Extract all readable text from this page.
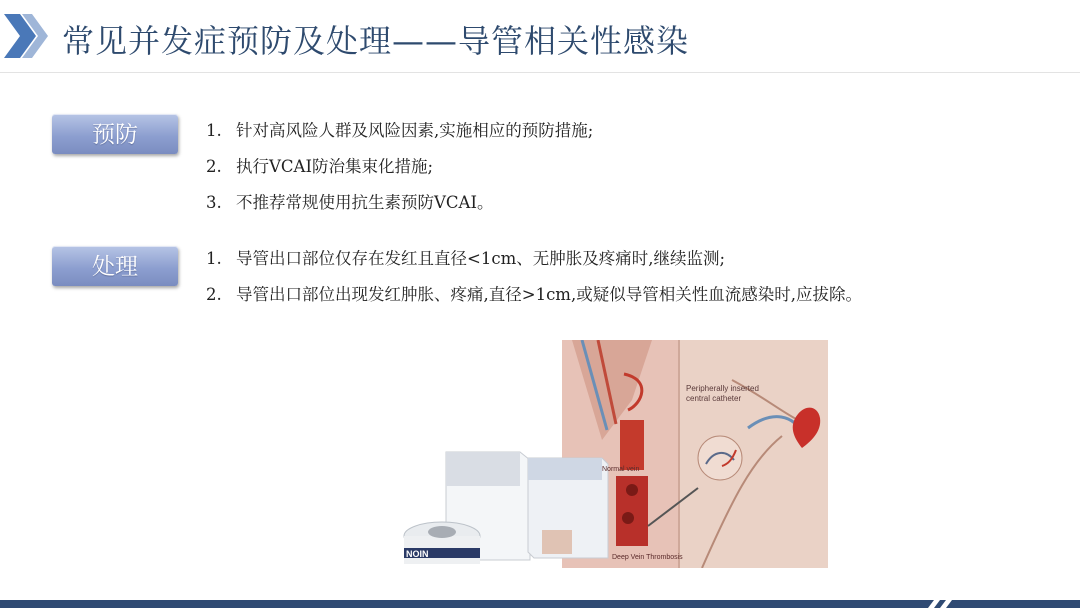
常见并发症预防及处理——导管相关性感染
预防	1. 针对高风险人群及风险因素,实施相应的预防措施;
2. 执行VCAI防治集束化措施;
3. 不推荐常规使用抗生素预防VCAI。
处理	1. 导管出口部位仅存在发红且直径<1cm、无肿胀及疼痛时,继续监测;
2. 导管出口部位出现发红肿胀、疼痛,直径>1cm,或疑似导管相关性血流感染时,应拔除。
Peripherally inserted
central catheter
Normal vein
Deep Vein Thrombosis
NOIN
